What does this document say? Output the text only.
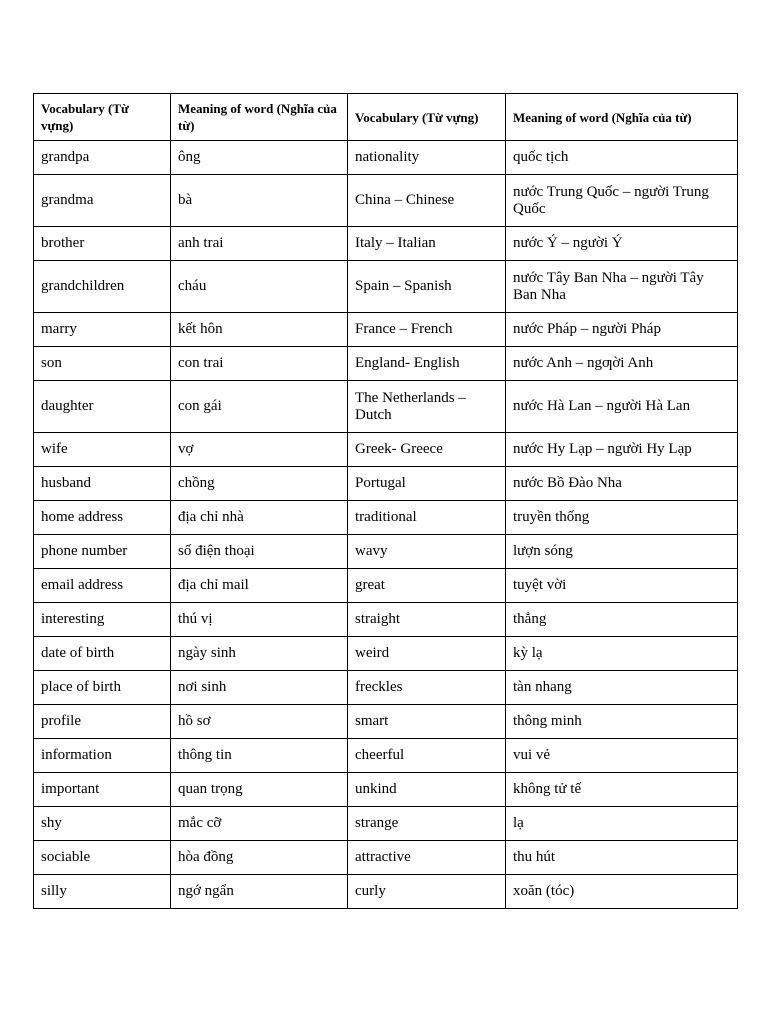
Vocabulary (Từ vựng)	Meaning of word (Nghĩa của từ)	Vocabulary (Từ vựng)	Meaning of word (Nghĩa của từ)
grandpa	ông	nationality	quốc tịch
grandma	bà	China – Chinese	nước Trung Quốc – người Trung Quốc
brother	anh trai	Italy – Italian	nước Ý – người Ý
grandchildren	cháu	Spain – Spanish	nước Tây Ban Nha – người Tây Ban Nha
marry	kết hôn	France – French	nước Pháp – người Pháp
son	con trai	England- English	nước Anh – ngƣời Anh
daughter	con gái	The Netherlands – Dutch	nước Hà Lan – người Hà Lan
wife	vợ	Greek- Greece	nước Hy Lạp – người Hy Lạp
husband	chồng	Portugal	nước Bồ Đào Nha
home address	địa chỉ nhà	traditional	truyền thống
phone number	số điện thoại	wavy	lượn sóng
email address	địa chỉ mail	great	tuyệt vời
interesting	thú vị	straight	thẳng
date of birth	ngày sinh	weird	kỳ lạ
place of birth	nơi sinh	freckles	tàn nhang
profile	hồ sơ	smart	thông minh
information	thông tin	cheerful	vui vẻ
important	quan trọng	unkind	không tử tế
shy	mắc cỡ	strange	lạ
sociable	hòa đồng	attractive	thu hút
silly	ngớ ngẩn	curly	xoăn (tóc)
